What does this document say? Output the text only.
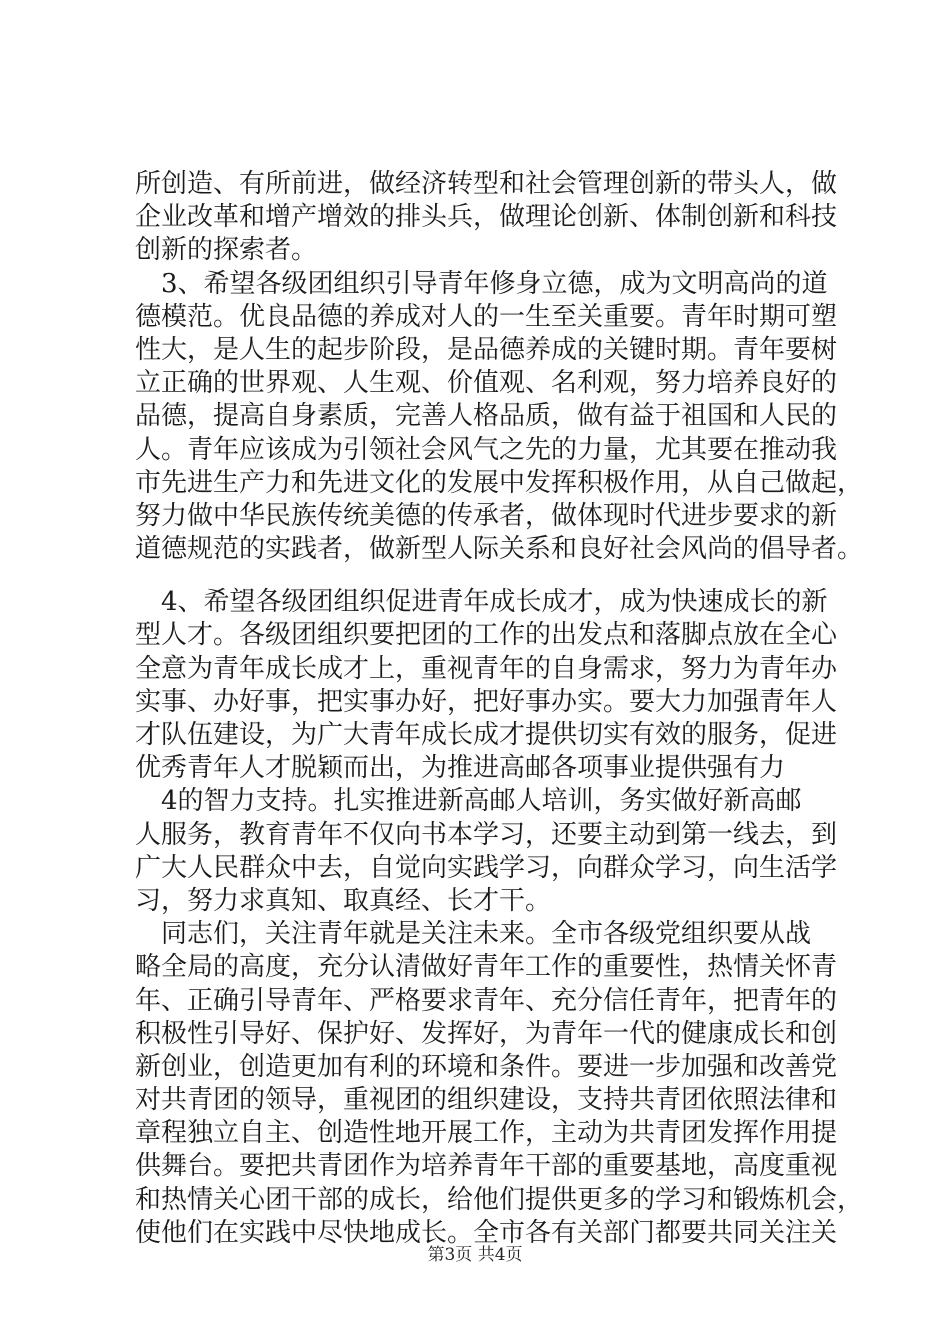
所创造、有所前进，做经济转型和社会管理创新的带头人，做
企业改革和增产增效的排头兵，做理论创新、体制创新和科技
创新的探索者。
　3、希望各级团组织引导青年修身立德，成为文明高尚的道
德模范。优良品德的养成对人的一生至关重要。青年时期可塑
性大，是人生的起步阶段，是品德养成的关键时期。青年要树
立正确的世界观、人生观、价值观、名利观，努力培养良好的
品德，提高自身素质，完善人格品质，做有益于祖国和人民的
人。青年应该成为引领社会风气之先的力量，尤其要在推动我
市先进生产力和先进文化的发展中发挥积极作用，从自己做起，
努力做中华民族传统美德的传承者，做体现时代进步要求的新
道德规范的实践者，做新型人际关系和良好社会风尚的倡导者。
　4、希望各级团组织促进青年成长成才，成为快速成长的新
型人才。各级团组织要把团的工作的出发点和落脚点放在全心
全意为青年成长成才上，重视青年的自身需求，努力为青年办
实事、办好事，把实事办好，把好事办实。要大力加强青年人
才队伍建设，为广大青年成长成才提供切实有效的服务，促进
优秀青年人才脱颖而出，为推进高邮各项事业提供强有力
　4的智力支持。扎实推进新高邮人培训，务实做好新高邮
人服务，教育青年不仅向书本学习，还要主动到第一线去，到
广大人民群众中去，自觉向实践学习，向群众学习，向生活学
习，努力求真知、取真经、长才干。
　同志们，关注青年就是关注未来。全市各级党组织要从战
略全局的高度，充分认清做好青年工作的重要性，热情关怀青
年、正确引导青年、严格要求青年、充分信任青年，把青年的
积极性引导好、保护好、发挥好，为青年一代的健康成长和创
新创业，创造更加有利的环境和条件。要进一步加强和改善党
对共青团的领导，重视团的组织建设，支持共青团依照法律和
章程独立自主、创造性地开展工作，主动为共青团发挥作用提
供舞台。要把共青团作为培养青年干部的重要基地，高度重视
和热情关心团干部的成长，给他们提供更多的学习和锻炼机会，
使他们在实践中尽快地成长。全市各有关部门都要共同关注关
第3页 共4页
